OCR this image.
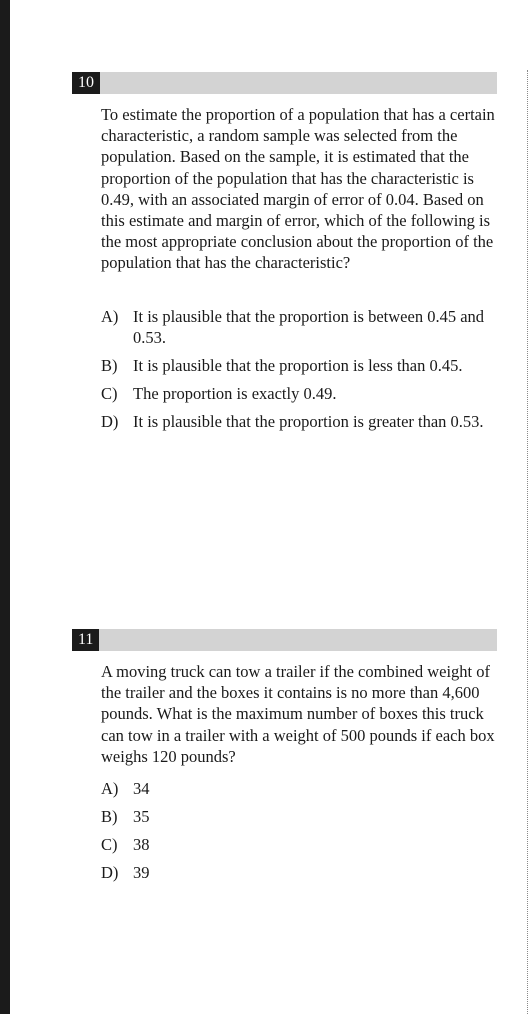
10

To estimate the proportion of a population that has a certain characteristic, a random sample was selected from the population. Based on the sample, it is estimated that the proportion of the population that has the characteristic is 0.49, with an associated margin of error of 0.04. Based on this estimate and margin of error, which of the following is the most appropriate conclusion about the proportion of the population that has the characteristic?

A) It is plausible that the proportion is between 0.45 and 0.53.
B) It is plausible that the proportion is less than 0.45.
C) The proportion is exactly 0.49.
D) It is plausible that the proportion is greater than 0.53.
11

A moving truck can tow a trailer if the combined weight of the trailer and the boxes it contains is no more than 4,600 pounds. What is the maximum number of boxes this truck can tow in a trailer with a weight of 500 pounds if each box weighs 120 pounds?

A) 34
B) 35
C) 38
D) 39
